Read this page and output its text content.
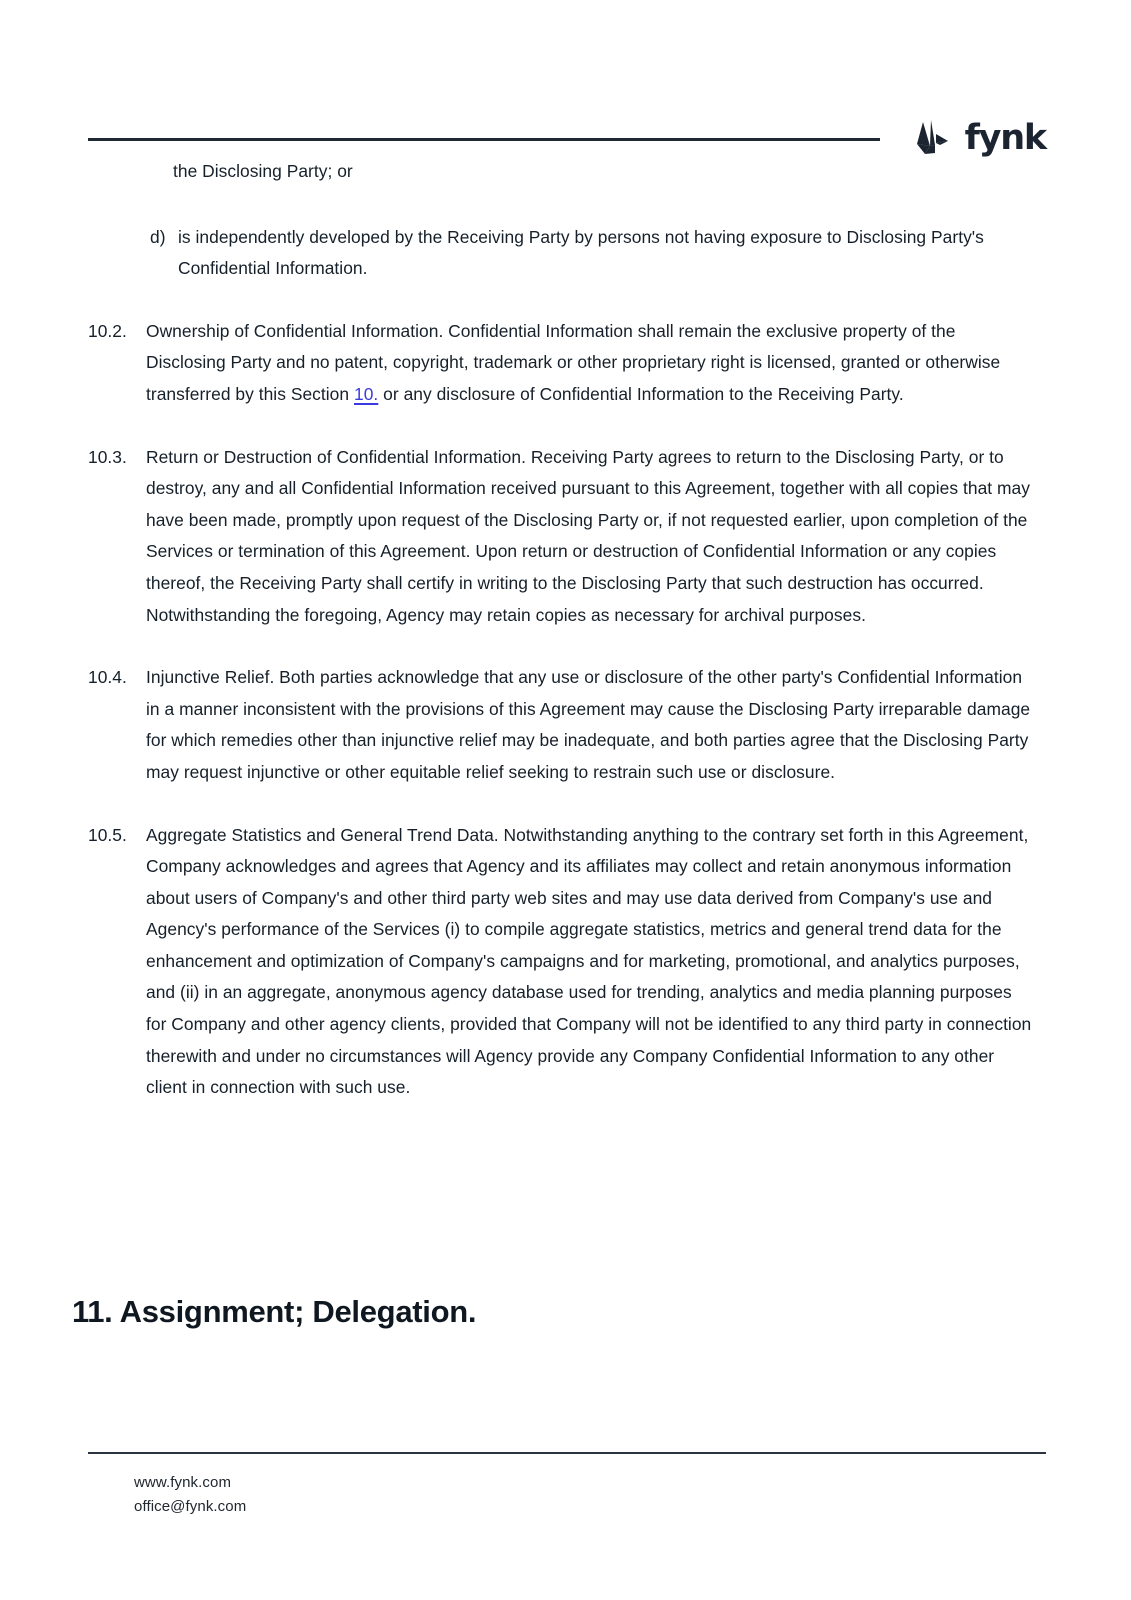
fynk
the Disclosing Party; or
d) is independently developed by the Receiving Party by persons not having exposure to Disclosing Party's Confidential Information.
10.2.	Ownership of Confidential Information. Confidential Information shall remain the exclusive property of the Disclosing Party and no patent, copyright, trademark or other proprietary right is licensed, granted or otherwise transferred by this Section 10. or any disclosure of Confidential Information to the Receiving Party.
10.3.	Return or Destruction of Confidential Information. Receiving Party agrees to return to the Disclosing Party, or to destroy, any and all Confidential Information received pursuant to this Agreement, together with all copies that may have been made, promptly upon request of the Disclosing Party or, if not requested earlier, upon completion of the Services or termination of this Agreement. Upon return or destruction of Confidential Information or any copies thereof, the Receiving Party shall certify in writing to the Disclosing Party that such destruction has occurred. Notwithstanding the foregoing, Agency may retain copies as necessary for archival purposes.
10.4.	Injunctive Relief. Both parties acknowledge that any use or disclosure of the other party's Confidential Information in a manner inconsistent with the provisions of this Agreement may cause the Disclosing Party irreparable damage for which remedies other than injunctive relief may be inadequate, and both parties agree that the Disclosing Party may request injunctive or other equitable relief seeking to restrain such use or disclosure.
10.5.	Aggregate Statistics and General Trend Data. Notwithstanding anything to the contrary set forth in this Agreement, Company acknowledges and agrees that Agency and its affiliates may collect and retain anonymous information about users of Company's and other third party web sites and may use data derived from Company's use and Agency's performance of the Services (i) to compile aggregate statistics, metrics and general trend data for the enhancement and optimization of Company's campaigns and for marketing, promotional, and analytics purposes, and (ii) in an aggregate, anonymous agency database used for trending, analytics and media planning purposes for Company and other agency clients, provided that Company will not be identified to any third party in connection therewith and under no circumstances will Agency provide any Company Confidential Information to any other client in connection with such use.
11. Assignment; Delegation.
www.fynk.com
office@fynk.com
